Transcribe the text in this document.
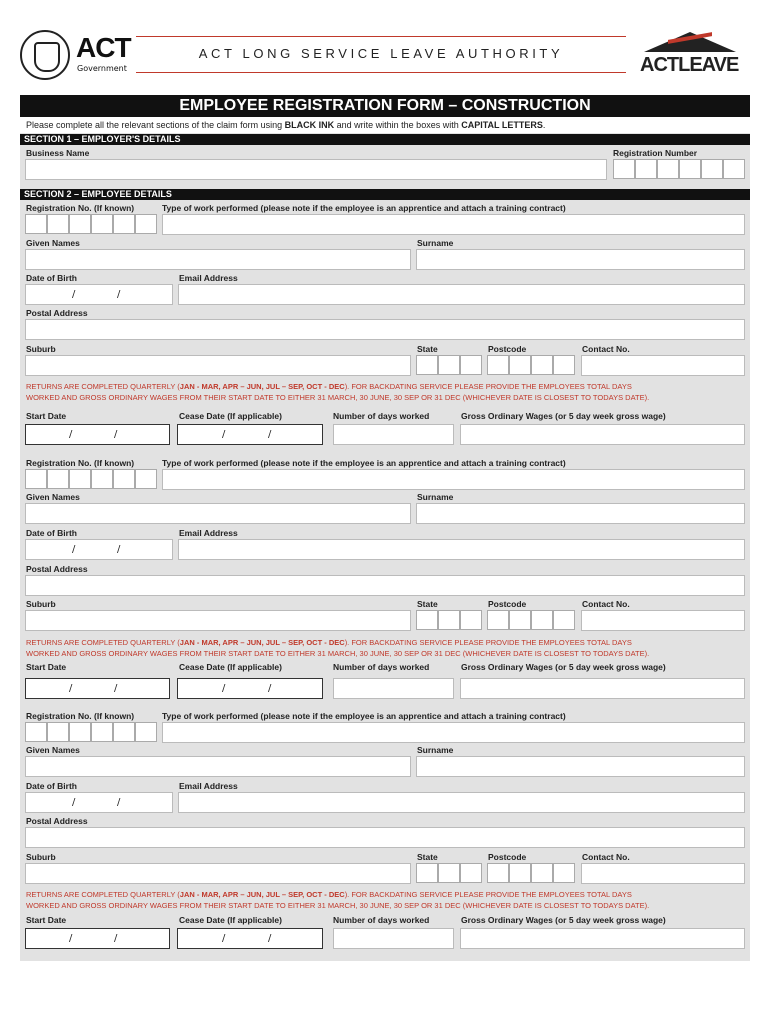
ACT
Government
ACT LONG SERVICE LEAVE AUTHORITY
ACTLEAVE
EMPLOYEE REGISTRATION FORM – CONSTRUCTION
Please complete all the relevant sections of the claim form using BLACK INK and write within the boxes with CAPITAL LETTERS.
SECTION 1 – EMPLOYER'S DETAILS
Business Name	Registration Number
SECTION 2 – EMPLOYEE DETAILS
Registration No. (If known)	Type of work performed (please note if the employee is an apprentice and attach a training contract)
Given Names	Surname
Date of Birth	Email Address
/	/
Postal Address
Suburb	State	Postcode	Contact No.
RETURNS ARE COMPLETED QUARTERLY (JAN - MAR, APR – JUN, JUL – SEP, OCT - DEC). FOR BACKDATING SERVICE PLEASE PROVIDE THE EMPLOYEES TOTAL DAYS
WORKED AND GROSS ORDINARY WAGES FROM THEIR START DATE TO EITHER 31 MARCH, 30 JUNE, 30 SEP OR 31 DEC (WHICHEVER DATE IS CLOSEST TO TODAYS DATE).
Start Date	Cease Date (If applicable)	Number of days worked	Gross Ordinary Wages (or 5 day week gross wage)
/	/	/	/
Registration No. (If known)	Type of work performed (please note if the employee is an apprentice and attach a training contract)
Given Names	Surname
Date of Birth	Email Address
/	/
Postal Address
Suburb	State	Postcode	Contact No.
RETURNS ARE COMPLETED QUARTERLY (JAN - MAR, APR – JUN, JUL – SEP, OCT - DEC). FOR BACKDATING SERVICE PLEASE PROVIDE THE EMPLOYEES TOTAL DAYS
WORKED AND GROSS ORDINARY WAGES FROM THEIR START DATE TO EITHER 31 MARCH, 30 JUNE, 30 SEP OR 31 DEC (WHICHEVER DATE IS CLOSEST TO TODAYS DATE).
Start Date	Cease Date (If applicable)	Number of days worked	Gross Ordinary Wages (or 5 day week gross wage)
/	/	/	/
Registration No. (If known)	Type of work performed (please note if the employee is an apprentice and attach a training contract)
Given Names	Surname
Date of Birth	Email Address
/	/
Postal Address
Suburb	State	Postcode	Contact No.
RETURNS ARE COMPLETED QUARTERLY (JAN - MAR, APR – JUN, JUL – SEP, OCT - DEC). FOR BACKDATING SERVICE PLEASE PROVIDE THE EMPLOYEES TOTAL DAYS
WORKED AND GROSS ORDINARY WAGES FROM THEIR START DATE TO EITHER 31 MARCH, 30 JUNE, 30 SEP OR 31 DEC (WHICHEVER DATE IS CLOSEST TO TODAYS DATE).
Start Date	Cease Date (If applicable)	Number of days worked	Gross Ordinary Wages (or 5 day week gross wage)
/	/	/	/
